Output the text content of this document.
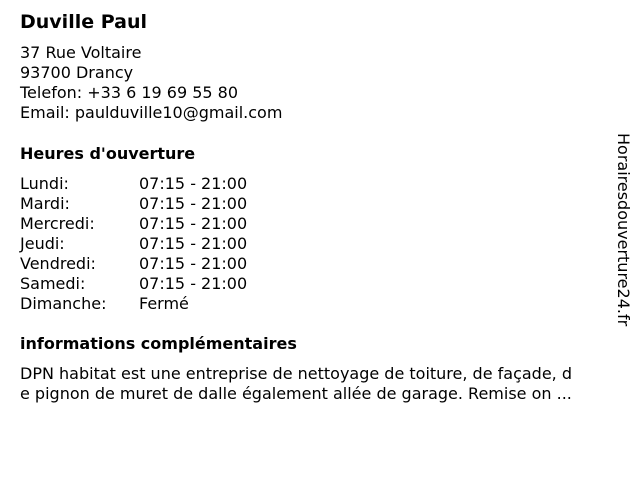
Duville Paul
37 Rue Voltaire
93700 Drancy
Telefon: +33 6 19 69 55 80
Email: paulduville10@gmail.com
Heures d'ouverture
Lundi:	07:15 - 21:00
Mardi:	07:15 - 21:00
Mercredi:	07:15 - 21:00
Jeudi:	07:15 - 21:00
Vendredi:	07:15 - 21:00
Samedi:	07:15 - 21:00
Dimanche: Fermé
informations complémentaires
DPN habitat est une entreprise de nettoyage de toiture, de façade, d
e pignon de muret de dalle également allée de garage. Remise on ...
Horairesdouverture24.fr
